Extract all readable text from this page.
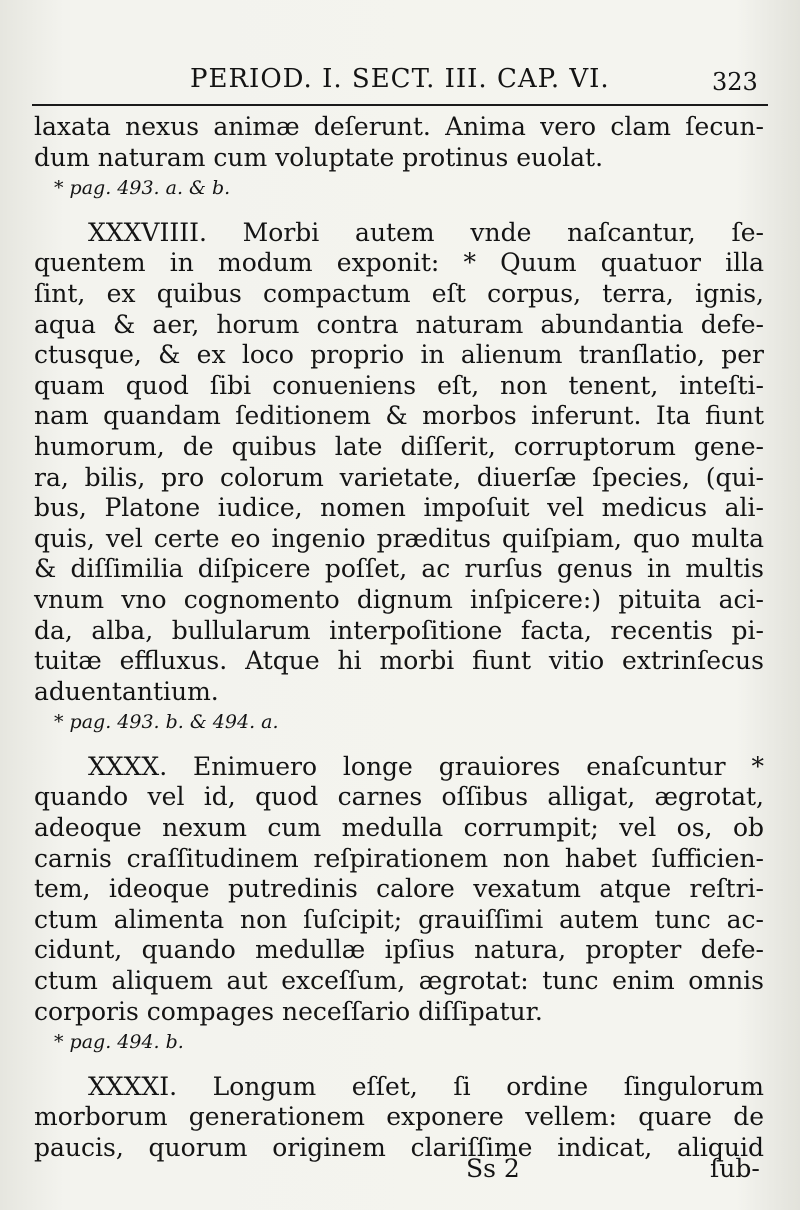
PERIOD. I. SECT. III. CAP. VI.	323
laxata nexus animæ deſerunt. Anima vero clam ſecun-
dum naturam cum voluptate protinus euolat.
* pag. 493. a. & b.
XXXVIIII. Morbi autem vnde naſcantur, ſe-
quentem in modum exponit: * Quum quatuor illa
ſint, ex quibus compactum eſt corpus, terra, ignis,
aqua & aer, horum contra naturam abundantia defe-
ctusque, & ex loco proprio in alienum tranſlatio, per
quam quod ſibi conueniens eſt, non tenent, inteſti-
nam quandam ſeditionem & morbos inferunt. Ita fiunt
humorum, de quibus late diſſerit, corruptorum gene-
ra, bilis, pro colorum varietate, diuerſæ ſpecies, (qui-
bus, Platone iudice, nomen impoſuit vel medicus ali-
quis, vel certe eo ingenio præditus quiſpiam, quo multa
& diſſimilia diſpicere poſſet, ac rurſus genus in multis
vnum vno cognomento dignum inſpicere:) pituita aci-
da, alba, bullularum interpoſitione facta, recentis pi-
tuitæ effluxus. Atque hi morbi fiunt vitio extrinſecus
aduentantium.
* pag. 493. b. & 494. a.
XXXX. Enimuero longe grauiores enaſcuntur *
quando vel id, quod carnes oſſibus alligat, ægrotat,
adeoque nexum cum medulla corrumpit; vel os, ob
carnis craſſitudinem reſpirationem non habet ſufficien-
tem, ideoque putredinis calore vexatum atque reſtri-
ctum alimenta non ſuſcipit; grauiſſimi autem tunc ac-
cidunt, quando medullæ ipſius natura, propter defe-
ctum aliquem aut exceſſum, ægrotat: tunc enim omnis
corporis compages neceſſario diſſipatur.
* pag. 494. b.
XXXXI. Longum eſſet, ſi ordine ſingulorum
morborum generationem exponere vellem: quare de
paucis, quorum originem clariſſime indicat, aliquid
Ss 2	ſub-
